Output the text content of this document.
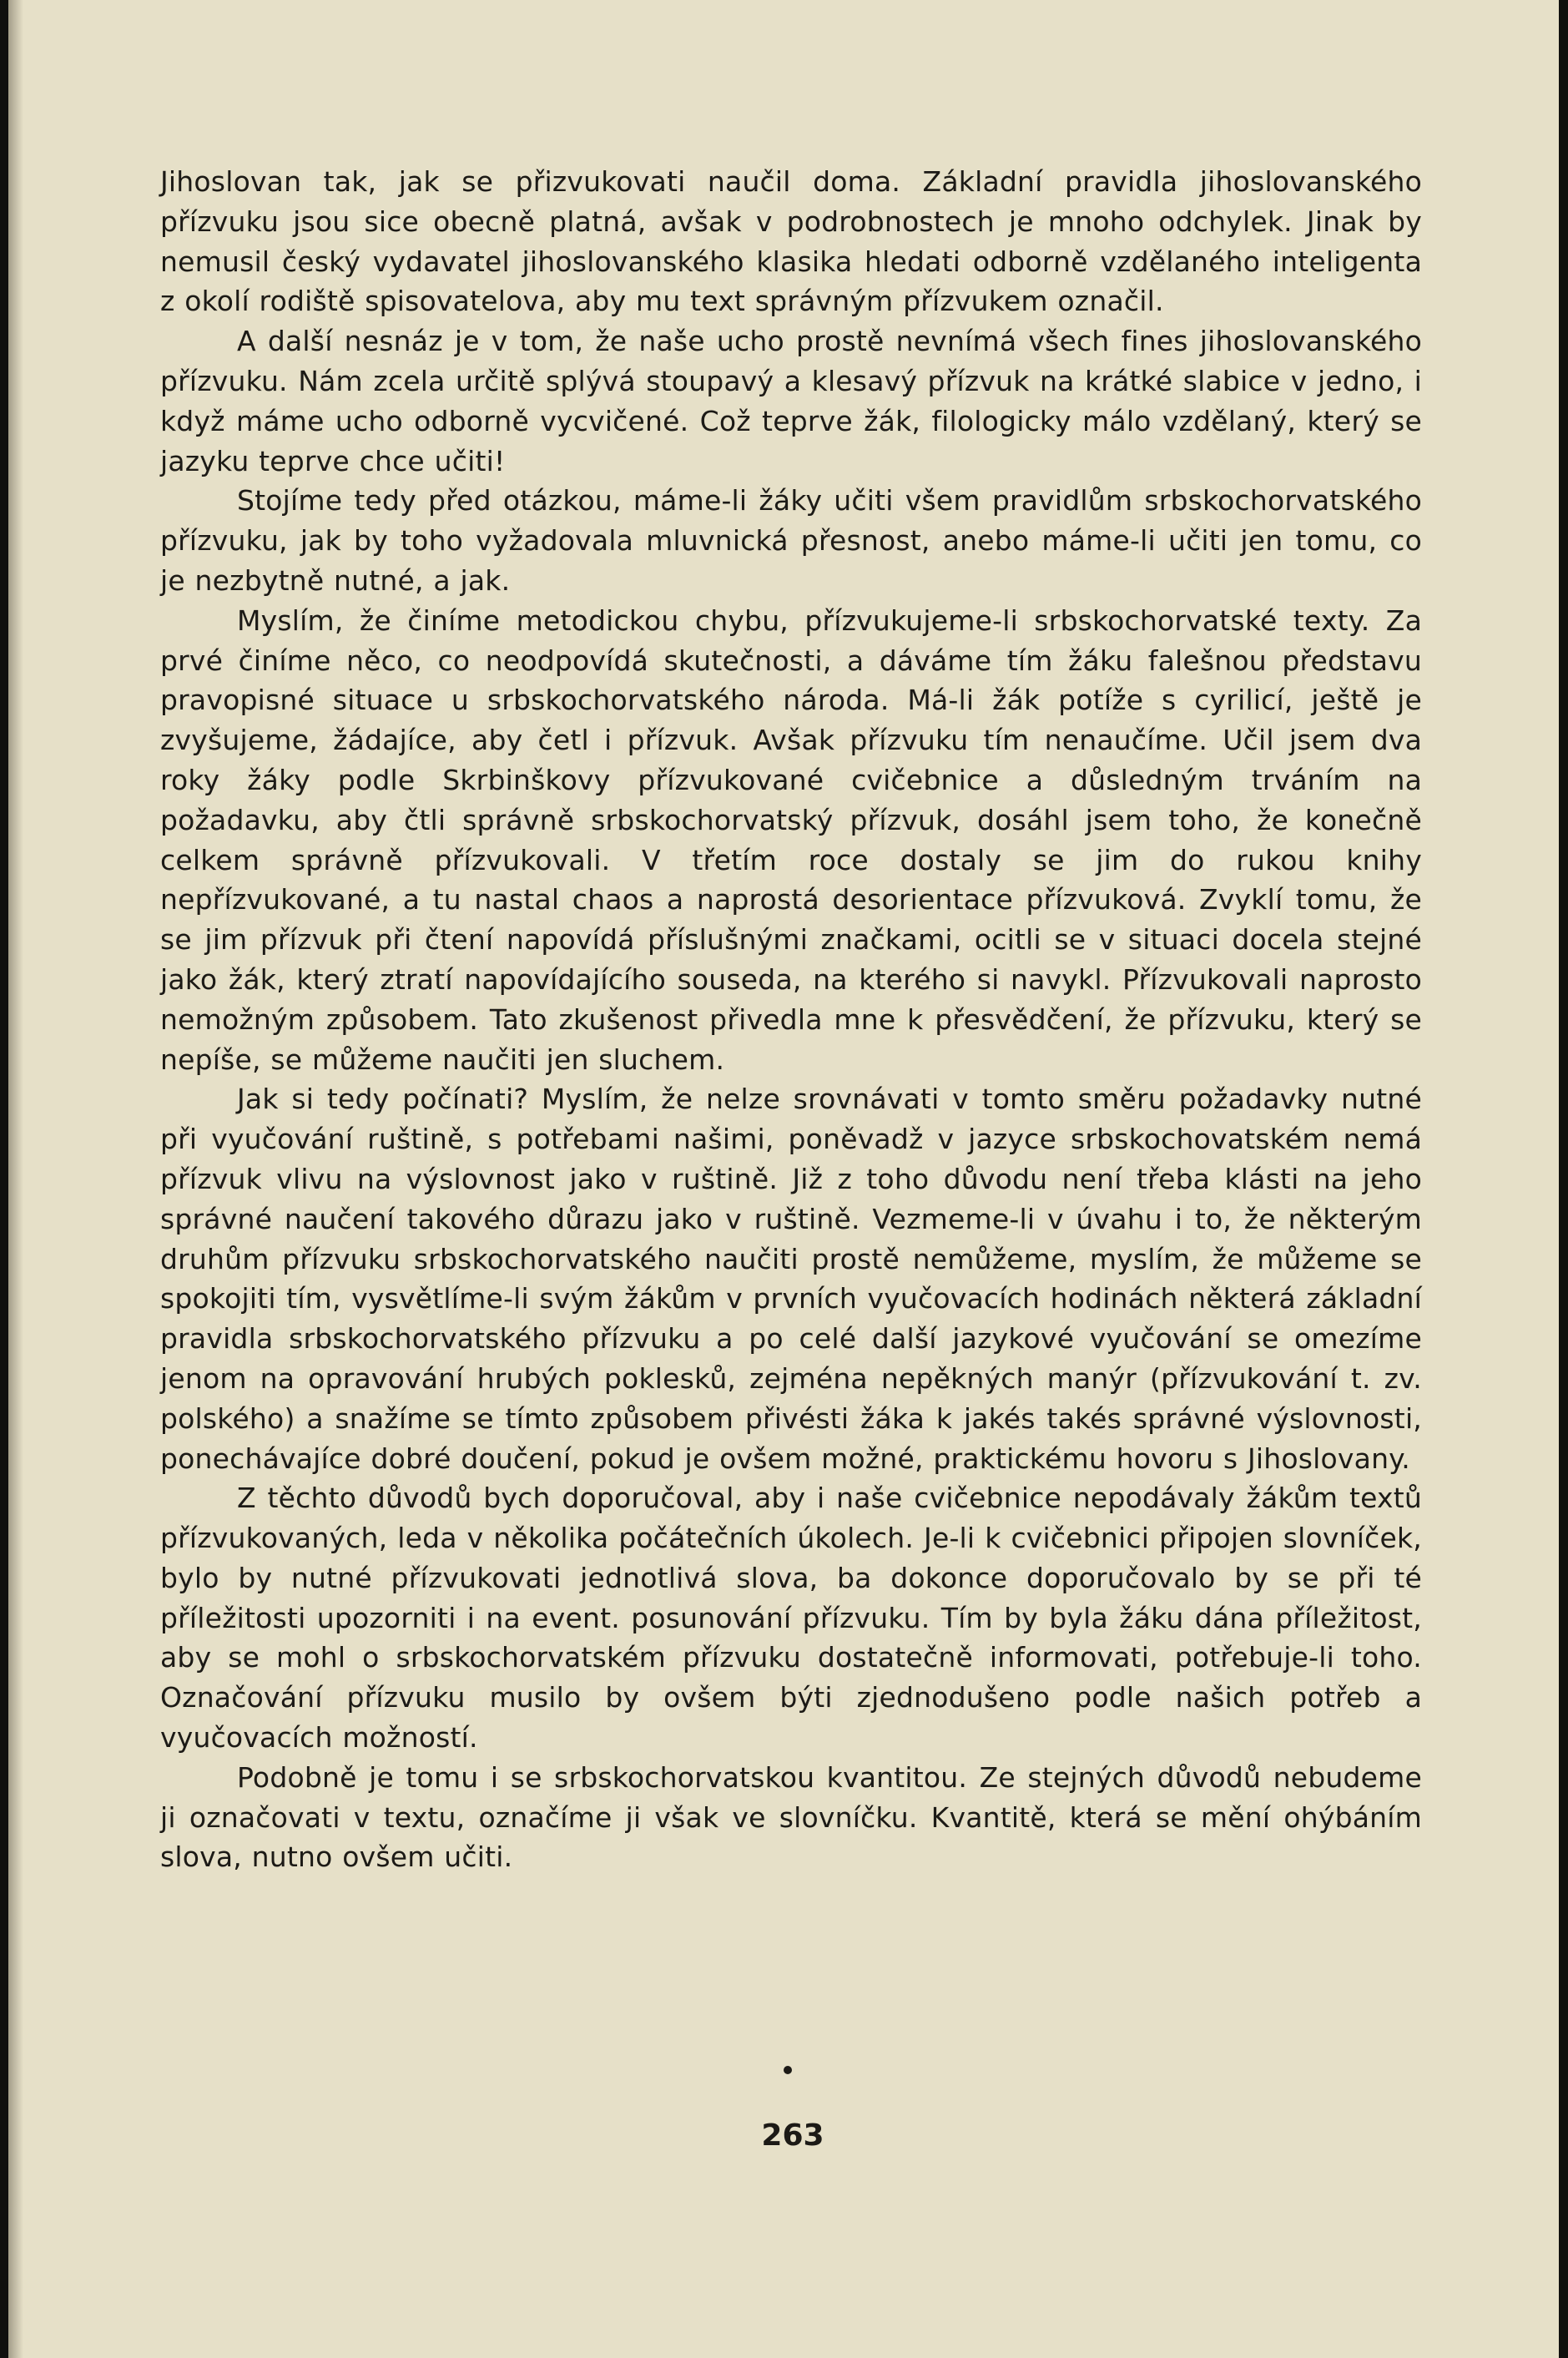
Jihoslovan tak, jak se přizvukovati naučil doma. Základní pravidla jihoslovanského přízvuku jsou sice obecně platná, avšak v podrobnostech je mnoho odchylek. Jinak by nemusil český vydavatel jihoslovanského klasika hledati odborně vzdělaného inteligenta z okolí rodiště spisovatelova, aby mu text správným přízvukem označil.

A další nesnáz je v tom, že naše ucho prostě nevnímá všech fines jihoslovanského přízvuku. Nám zcela určitě splývá stoupavý a klesavý přízvuk na krátké slabice v jedno, i když máme ucho odborně vycvičené. Což teprve žák, filologicky málo vzdělaný, který se jazyku teprve chce učiti!

Stojíme tedy před otázkou, máme-li žáky učiti všem pravidlům srbskochorvatského přízvuku, jak by toho vyžadovala mluvnická přesnost, anebo máme-li učiti jen tomu, co je nezbytně nutné, a jak.

Myslím, že činíme metodickou chybu, přízvukujeme-li srbskochorvatské texty. Za prvé činíme něco, co neodpovídá skutečnosti, a dáváme tím žáku falešnou představu pravopisné situace u srbskochorvatského národa. Má-li žák potíže s cyrilicí, ještě je zvyšujeme, žádajíce, aby četl i přízvuk. Avšak přízvuku tím nenaučíme. Učil jsem dva roky žáky podle Skrbinškovy přízvukované cvičebnice a důsledným trváním na požadavku, aby čtli správně srbskochorvatský přízvuk, dosáhl jsem toho, že konečně celkem správně přízvukovali. V třetím roce dostaly se jim do rukou knihy nepřízvukované, a tu nastal chaos a naprostá desorientace přízvuková. Zvyklí tomu, že se jim přízvuk při čtení napovídá příslušnými značkami, ocitli se v situaci docela stejné jako žák, který ztratí napovídajícího souseda, na kterého si navykl. Přízvukovali naprosto nemožným způsobem. Tato zkušenost přivedla mne k přesvědčení, že přízvuku, který se nepíše, se můžeme naučiti jen sluchem.

Jak si tedy počínati? Myslím, že nelze srovnávati v tomto směru požadavky nutné při vyučování ruštině, s potřebami našimi, poněvadž v jazyce srbskochovatském nemá přízvuk vlivu na výslovnost jako v ruštině. Již z toho důvodu není třeba klásti na jeho správné naučení takového důrazu jako v ruštině. Vezmeme-li v úvahu i to, že některým druhům přízvuku srbskochorvatského naučiti prostě nemůžeme, myslím, že můžeme se spokojiti tím, vysvětlíme-li svým žákům v prvních vyučovacích hodinách některá základní pravidla srbskochorvatského přízvuku a po celé další jazykové vyučování se omezíme jenom na opravování hrubých poklesků, zejména nepěkných manýr (přízvukování t. zv. polského) a snažíme se tímto způsobem přivésti žáka k jakés takés správné výslovnosti, ponechávajíce dobré doučení, pokud je ovšem možné, praktickému hovoru s Jihoslovany.

Z těchto důvodů bych doporučoval, aby i naše cvičebnice nepodávaly žákům textů přízvukovaných, leda v několika počátečních úkolech. Je-li k cvičebnici připojen slovníček, bylo by nutné přízvukovati jednotlivá slova, ba dokonce doporučovalo by se při té příležitosti upozorniti i na event. posunování přízvuku. Tím by byla žáku dána příležitost, aby se mohl o srbskochorvatském přízvuku dostatečně informovati, potřebuje-li toho. Označování přízvuku musilo by ovšem býti zjednodušeno podle našich potřeb a vyučovacích možností.

Podobně je tomu i se srbskochorvatskou kvantitou. Ze stejných důvodů nebudeme ji označovati v textu, označíme ji však ve slovníčku. Kvantitě, která se mění ohýbáním slova, nutno ovšem učiti.

263
